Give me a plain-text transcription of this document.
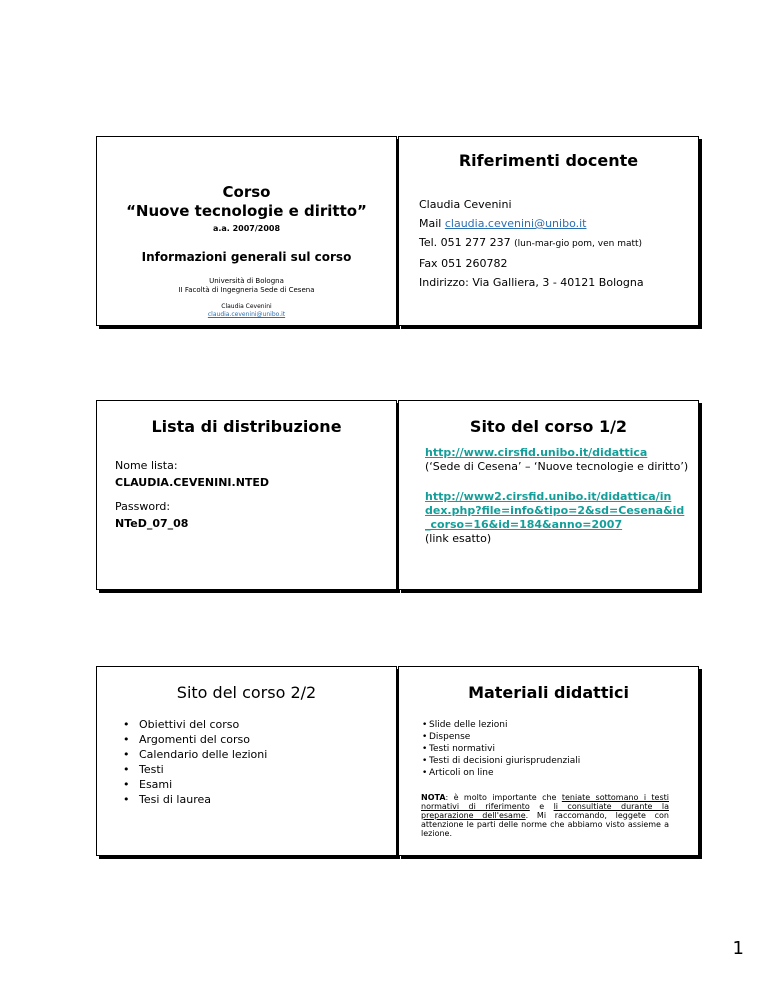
Corso
“Nuove tecnologie e diritto”
a.a. 2007/2008
Informazioni generali sul corso
Università di Bologna
II Facoltà di Ingegneria Sede di Cesena
Claudia Cevenini
claudia.cevenini@unibo.it
Riferimenti docente
Claudia Cevenini
Mail claudia.cevenini@unibo.it
Tel. 051 277 237 (lun-mar-gio pom, ven matt)
Fax 051 260782
Indirizzo: Via Galliera, 3 - 40121 Bologna
Lista di distribuzione
Nome lista:
CLAUDIA.CEVENINI.NTED
Password:
NTeD_07_08
Sito del corso 1/2
http://www.cirsfid.unibo.it/didattica
(‘Sede di Cesena’ – ‘Nuove tecnologie e diritto’)
http://www2.cirsfid.unibo.it/didattica/in
dex.php?file=info&tipo=2&sd=Cesena&id
_corso=16&id=184&anno=2007
(link esatto)
Sito del corso 2/2
• Obiettivi del corso
• Argomenti del corso
• Calendario delle lezioni
• Testi
• Esami
• Tesi di laurea
Materiali didattici
• Slide delle lezioni
• Dispense
• Testi normativi
• Testi di decisioni giurisprudenziali
• Articoli on line
NOTA: è molto importante che teniate sottomano i testi normativi di riferimento e li consultiate durante la preparazione dell'esame. Mi raccomando, leggete con attenzione le parti delle norme che abbiamo visto assieme a lezione.
1
